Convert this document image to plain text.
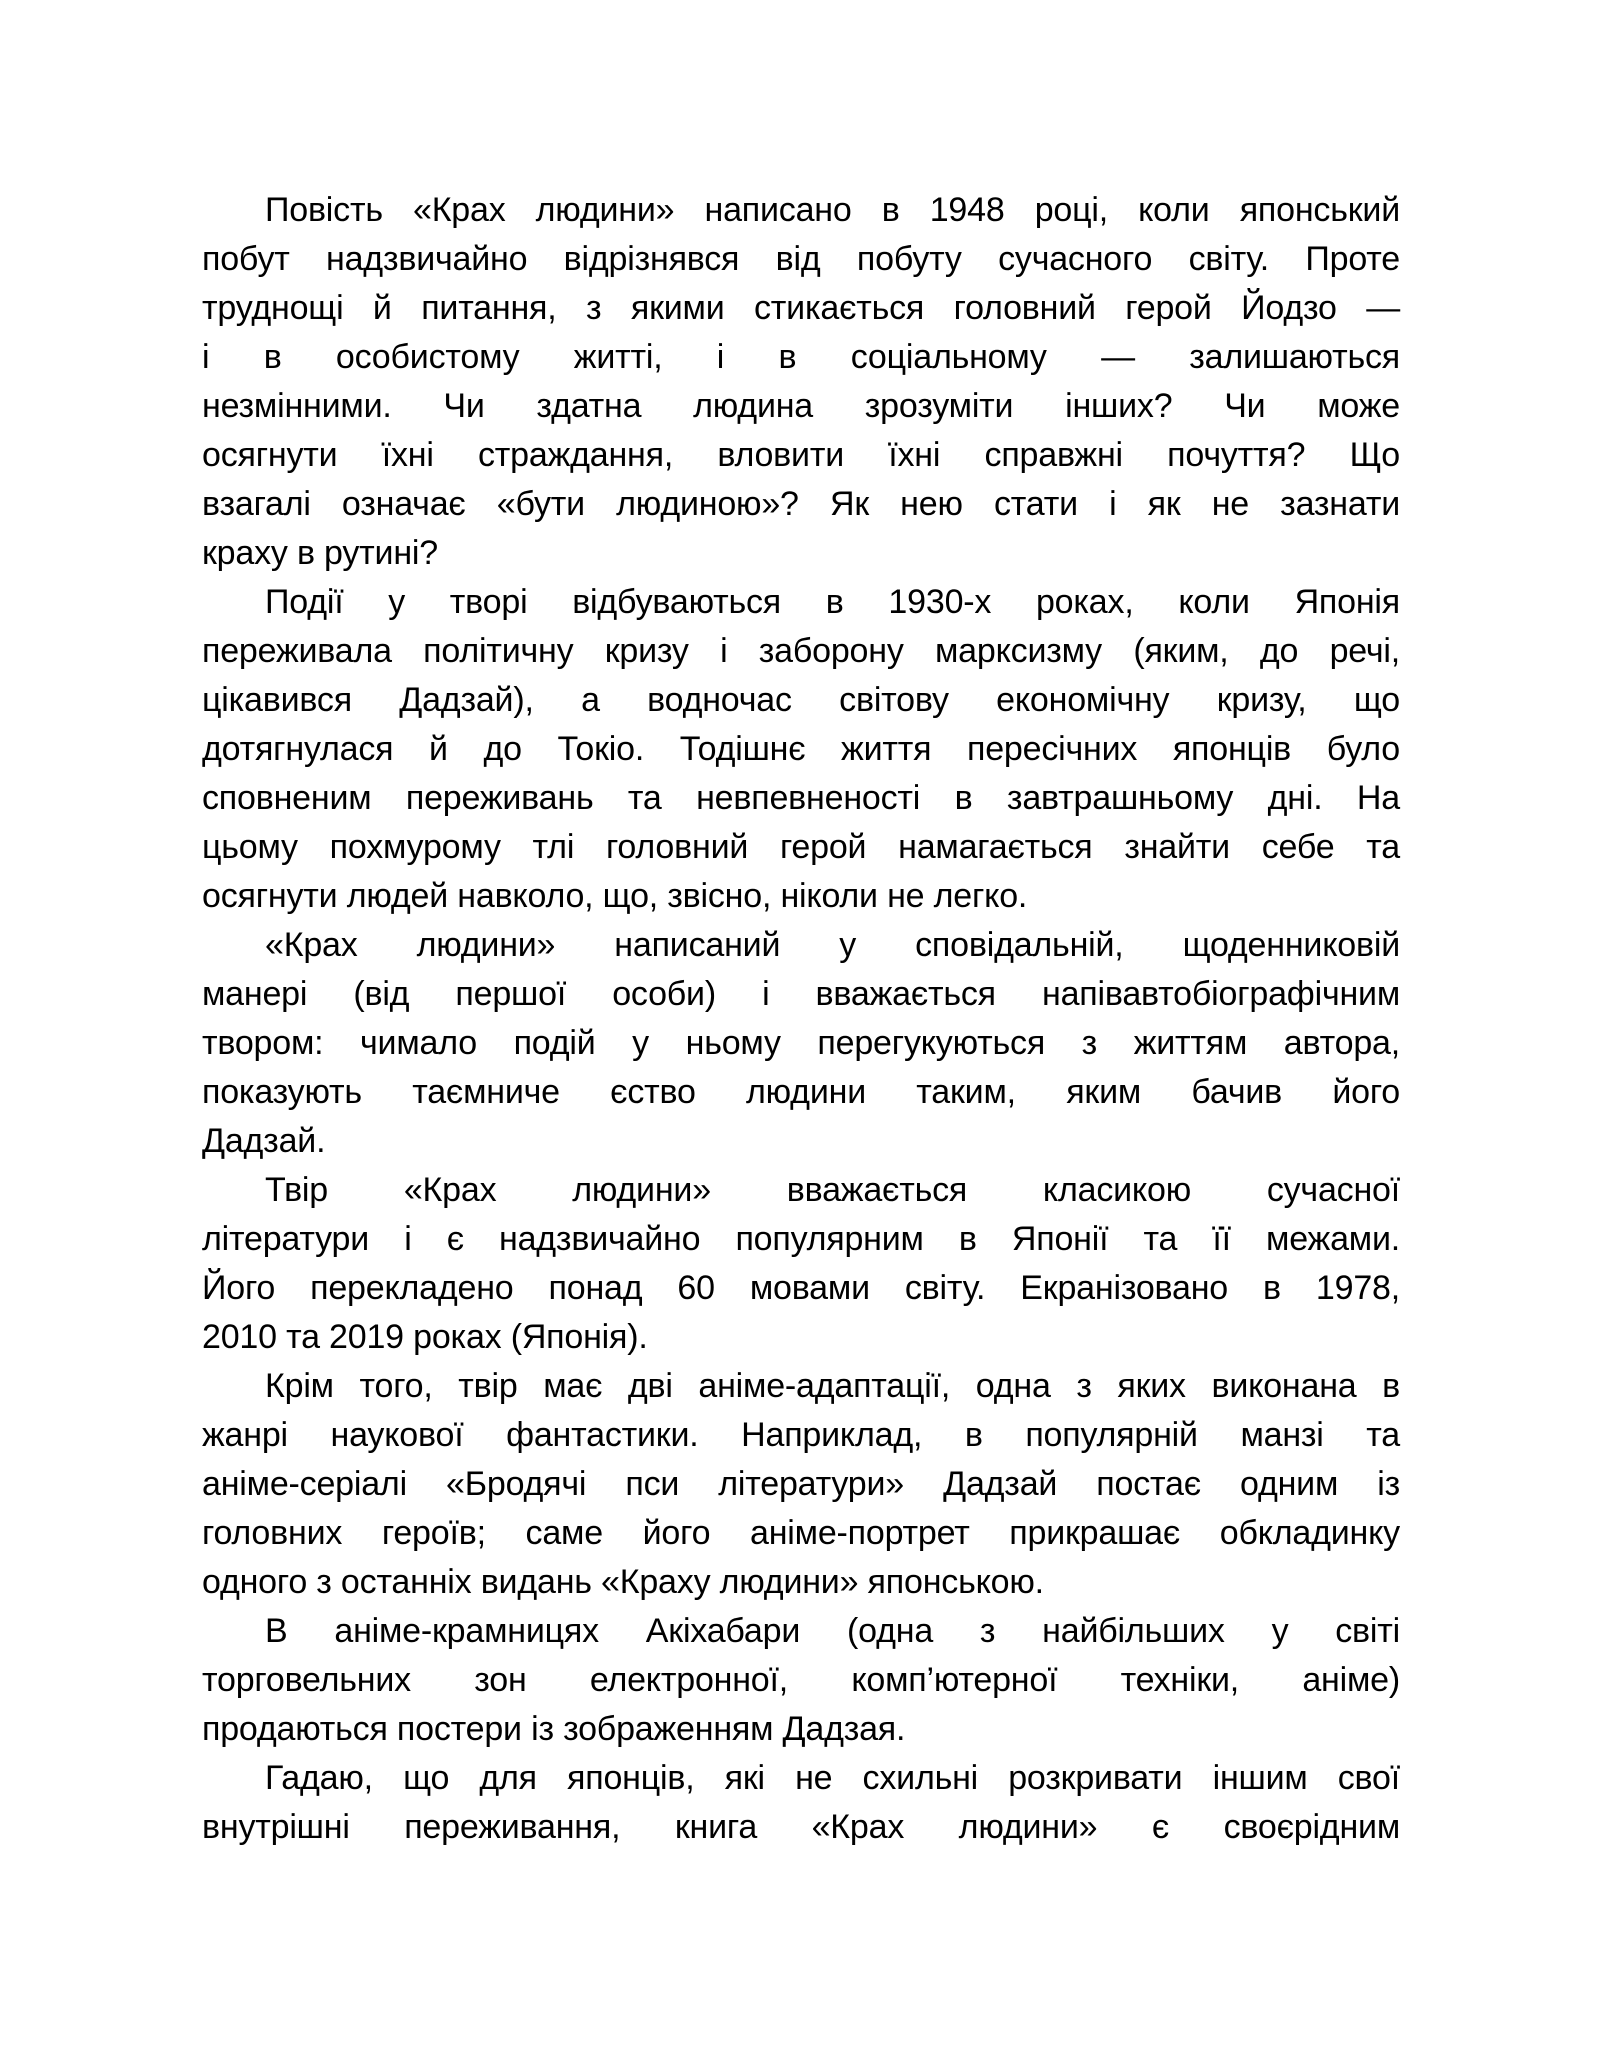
Повість «Крах людини» написано в 1948 році, коли японський
побут надзвичайно відрізнявся від побуту сучасного світу. Проте
труднощі й питання, з якими стикається головний герой Йодзо —
і в особистому житті, і в соціальному — залишаються
незмінними. Чи здатна людина зрозуміти інших? Чи може
осягнути їхні страждання, вловити їхні справжні почуття? Що
взагалі означає «бути людиною»? Як нею стати і як не зазнати
краху в рутині?

Події у творі відбуваються в 1930-х роках, коли Японія
переживала політичну кризу і заборону марксизму (яким, до речі,
цікавився Дадзай), а водночас світову економічну кризу, що
дотягнулася й до Токіо. Тодішнє життя пересічних японців було
сповненим переживань та невпевненості в завтрашньому дні. На
цьому похмурому тлі головний герой намагається знайти себе та
осягнути людей навколо, що, звісно, ніколи не легко.

«Крах людини» написаний у сповідальній, щоденниковій
манері (від першої особи) і вважається напівавтобіографічним
твором: чимало подій у ньому перегукуються з життям автора,
показують таємниче єство людини таким, яким бачив його
Дадзай.

Твір «Крах людини» вважається класикою сучасної
літератури і є надзвичайно популярним в Японії та її межами.
Його перекладено понад 60 мовами світу. Екранізовано в 1978,
2010 та 2019 роках (Японія).

Крім того, твір має дві аніме-адаптації, одна з яких виконана в
жанрі наукової фантастики. Наприклад, в популярній манзі та
аніме-серіалі «Бродячі пси літератури» Дадзай постає одним із
головних героїв; саме його аніме-портрет прикрашає обкладинку
одного з останніх видань «Краху людини» японською.

В аніме-крамницях Акіхабари (одна з найбільших у світі
торговельних зон електронної, комп’ютерної техніки, аніме)
продаються постери із зображенням Дадзая.

Гадаю, що для японців, які не схильні розкривати іншим свої
внутрішні переживання, книга «Крах людини» є своєрідним
